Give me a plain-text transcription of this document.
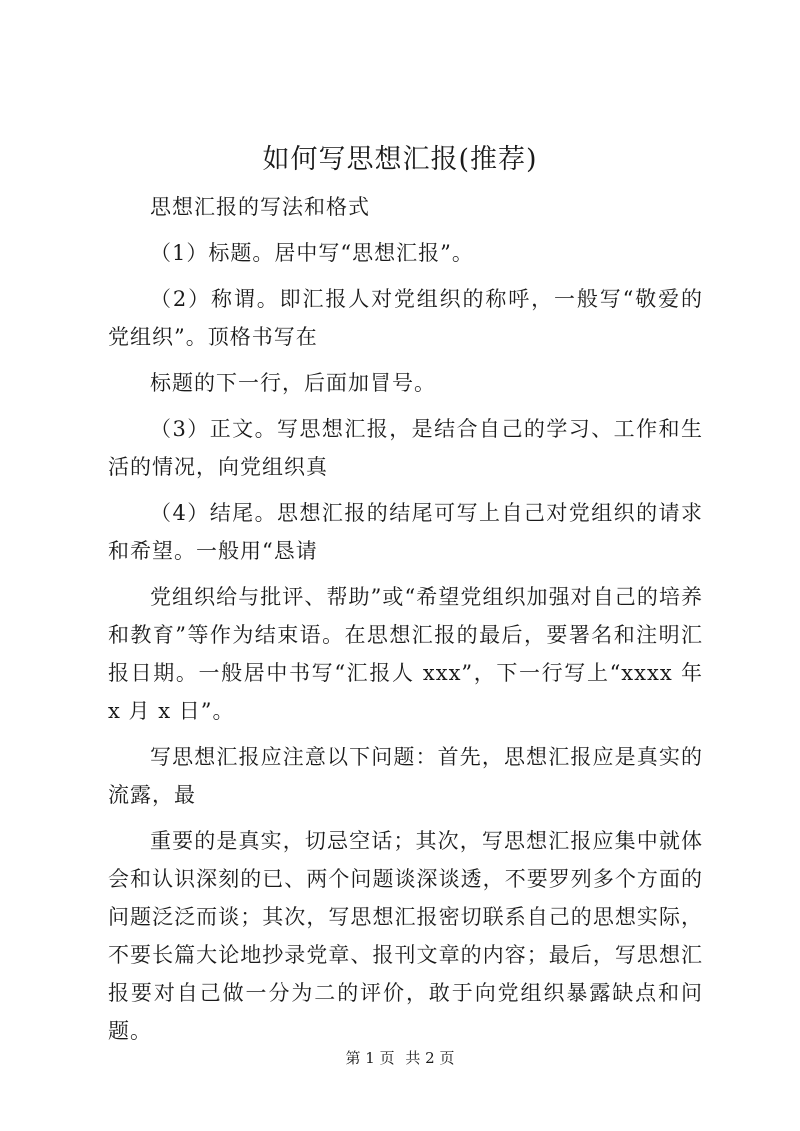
如何写思想汇报(推荐)

思想汇报的写法和格式

（1）标题。居中写“思想汇报”。

（2）称谓。即汇报人对党组织的称呼，一般写“敬爱的党组织”。顶格书写在

标题的下一行，后面加冒号。

（3）正文。写思想汇报，是结合自己的学习、工作和生活的情况，向党组织真

（4）结尾。思想汇报的结尾可写上自己对党组织的请求和希望。一般用“恳请

党组织给与批评、帮助”或“希望党组织加强对自己的培养和教育”等作为结束语。在思想汇报的最后，要署名和注明汇报日期。一般居中书写“汇报人 xxx”，下一行写上“xxxx 年 x 月 x 日”。

写思想汇报应注意以下问题：首先，思想汇报应是真实的流露，最

重要的是真实，切忌空话；其次，写思想汇报应集中就体会和认识深刻的已、两个问题谈深谈透，不要罗列多个方面的问题泛泛而谈；其次，写思想汇报密切联系自己的思想实际，不要长篇大论地抄录党章、报刊文章的内容；最后，写思想汇报要对自己做一分为二的评价，敢于向党组织暴露缺点和问题。

第 1 页 共 2 页
